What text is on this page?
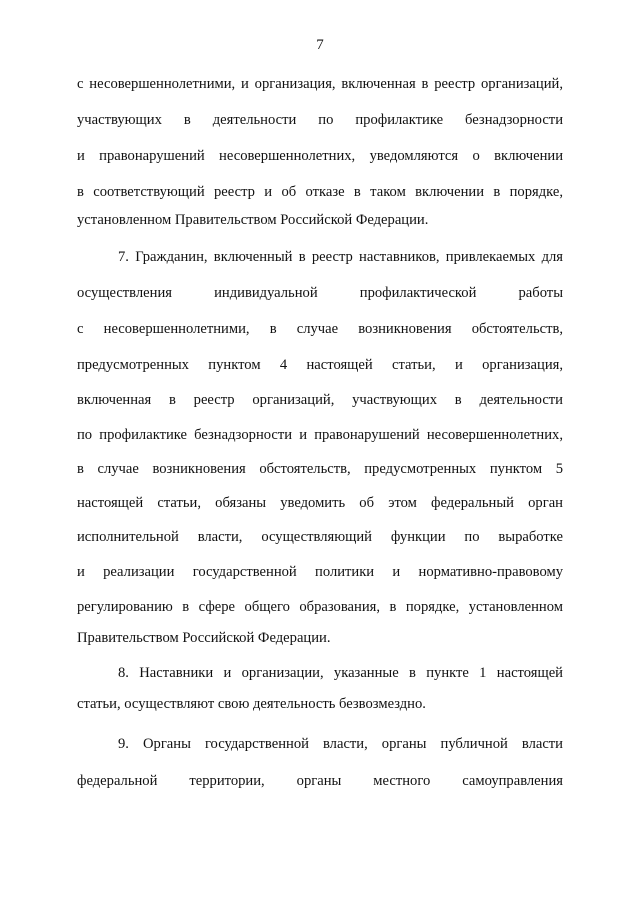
7
с несовершеннолетними, и организация, включенная в реестр организаций,
участвующих в деятельности по профилактике безнадзорности
и правонарушений несовершеннолетних, уведомляются о включении
в соответствующий реестр и об отказе в таком включении в порядке,
установленном Правительством Российской Федерации.
7. Гражданин, включенный в реестр наставников, привлекаемых для
осуществления индивидуальной профилактической работы
с несовершеннолетними, в случае возникновения обстоятельств,
предусмотренных пунктом 4 настоящей статьи, и организация,
включенная в реестр организаций, участвующих в деятельности
по профилактике безнадзорности и правонарушений несовершеннолетних,
в случае возникновения обстоятельств, предусмотренных пунктом 5
настоящей статьи, обязаны уведомить об этом федеральный орган
исполнительной власти, осуществляющий функции по выработке
и реализации государственной политики и нормативно-правовому
регулированию в сфере общего образования, в порядке, установленном
Правительством Российской Федерации.
8. Наставники и организации, указанные в пункте 1 настоящей
статьи, осуществляют свою деятельность безвозмездно.
9. Органы государственной власти, органы публичной власти
федеральной территории, органы местного самоуправления
